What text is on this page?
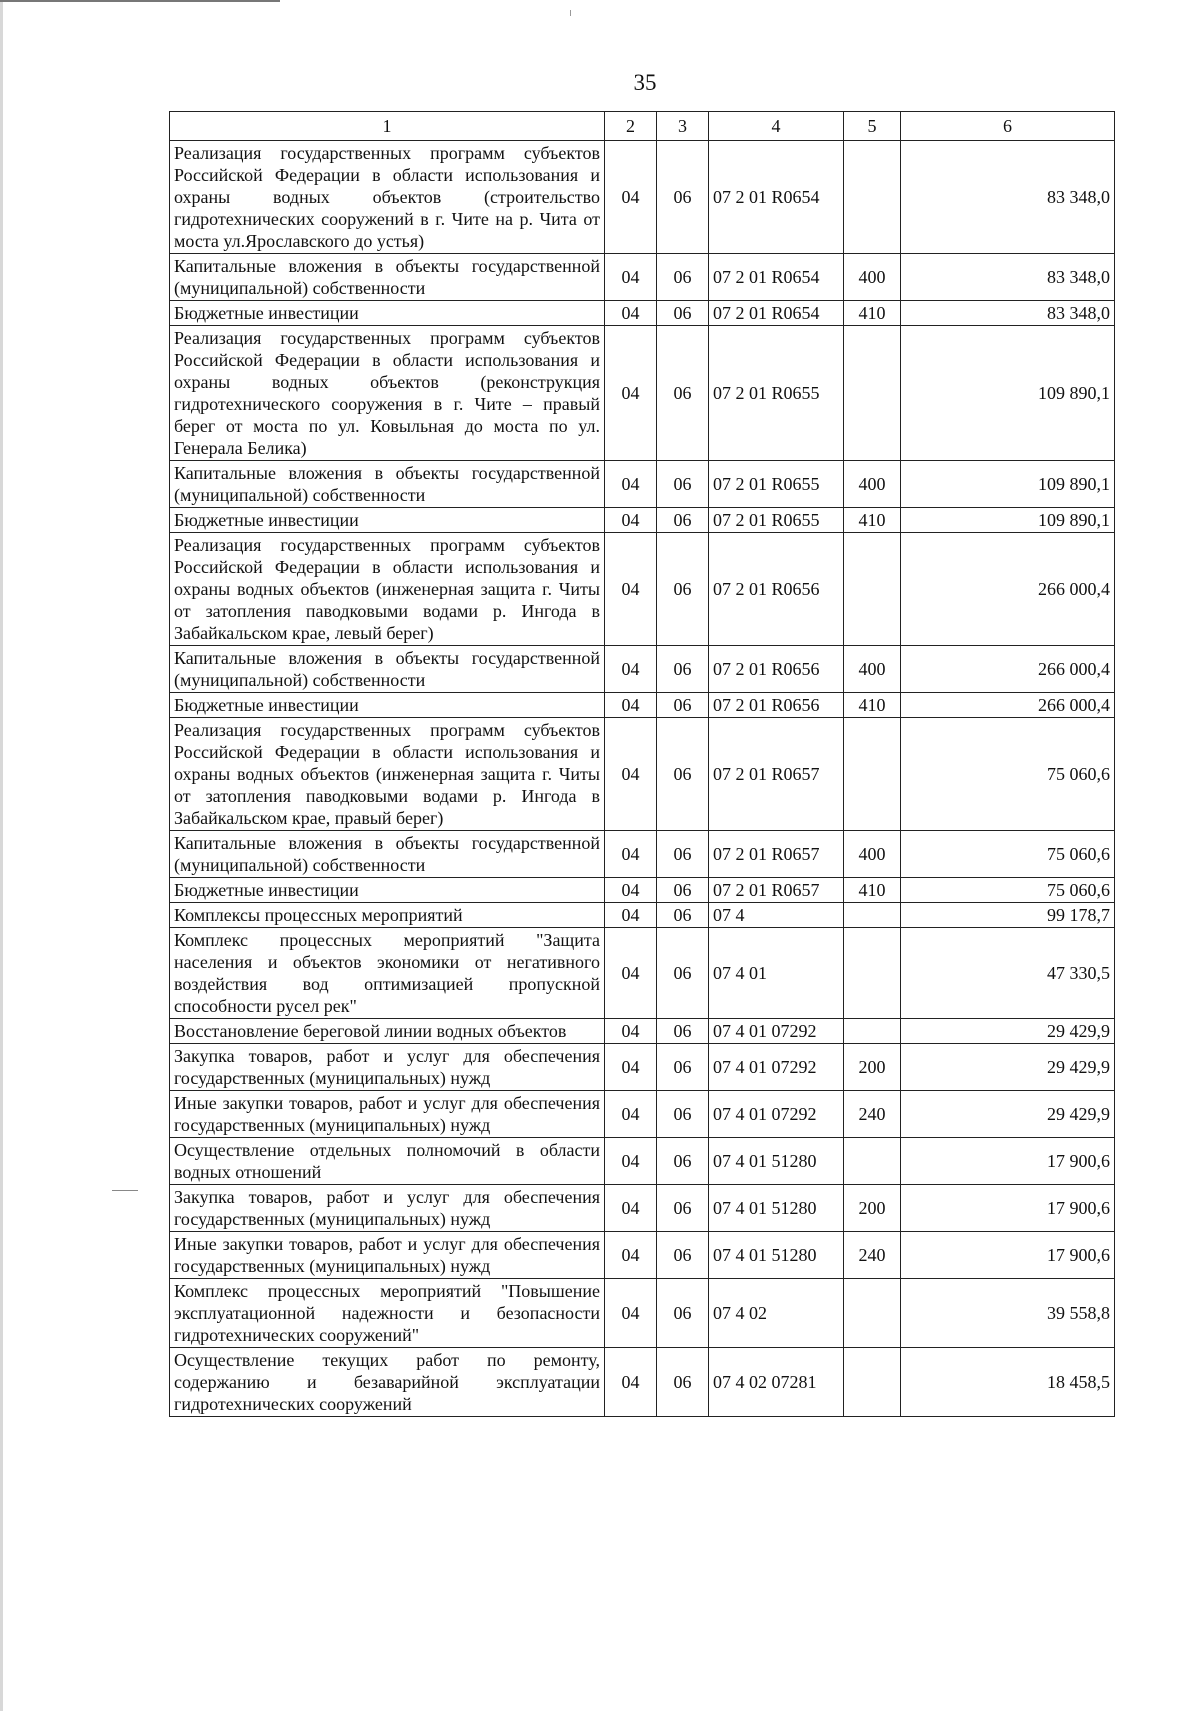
35
1	2	3	4	5	6
Реализация государственных программ субъектов Российской Федерации в области использования и охраны водных объектов (строительство гидротехнических сооружений в г. Чите на р. Чита от моста ул.Ярославского до устья)	04	06	07 2 01 R0654		83 348,0
Капитальные вложения в объекты государственной (муниципальной) собственности	04	06	07 2 01 R0654	400	83 348,0
Бюджетные инвестиции	04	06	07 2 01 R0654	410	83 348,0
Реализация государственных программ субъектов Российской Федерации в области использования и охраны водных объектов (реконструкция гидротехнического сооружения в г. Чите – правый берег от моста по ул. Ковыльная до моста по ул. Генерала Белика)	04	06	07 2 01 R0655		109 890,1
Капитальные вложения в объекты государственной (муниципальной) собственности	04	06	07 2 01 R0655	400	109 890,1
Бюджетные инвестиции	04	06	07 2 01 R0655	410	109 890,1
Реализация государственных программ субъектов Российской Федерации в области использования и охраны водных объектов (инженерная защита г. Читы от затопления паводковыми водами р. Ингода в Забайкальском крае, левый берег)	04	06	07 2 01 R0656		266 000,4
Капитальные вложения в объекты государственной (муниципальной) собственности	04	06	07 2 01 R0656	400	266 000,4
Бюджетные инвестиции	04	06	07 2 01 R0656	410	266 000,4
Реализация государственных программ субъектов Российской Федерации в области использования и охраны водных объектов (инженерная защита г. Читы от затопления паводковыми водами р. Ингода в Забайкальском крае, правый берег)	04	06	07 2 01 R0657		75 060,6
Капитальные вложения в объекты государственной (муниципальной) собственности	04	06	07 2 01 R0657	400	75 060,6
Бюджетные инвестиции	04	06	07 2 01 R0657	410	75 060,6
Комплексы процессных мероприятий	04	06	07 4		99 178,7
Комплекс процессных мероприятий "Защита населения и объектов экономики от негативного воздействия вод оптимизацией пропускной способности русел рек"	04	06	07 4 01		47 330,5
Восстановление береговой линии водных объектов	04	06	07 4 01 07292		29 429,9
Закупка товаров, работ и услуг для обеспечения государственных (муниципальных) нужд	04	06	07 4 01 07292	200	29 429,9
Иные закупки товаров, работ и услуг для обеспечения государственных (муниципальных) нужд	04	06	07 4 01 07292	240	29 429,9
Осуществление отдельных полномочий в области водных отношений	04	06	07 4 01 51280		17 900,6
Закупка товаров, работ и услуг для обеспечения государственных (муниципальных) нужд	04	06	07 4 01 51280	200	17 900,6
Иные закупки товаров, работ и услуг для обеспечения государственных (муниципальных) нужд	04	06	07 4 01 51280	240	17 900,6
Комплекс процессных мероприятий "Повышение эксплуатационной надежности и безопасности гидротехнических сооружений"	04	06	07 4 02		39 558,8
Осуществление текущих работ по ремонту, содержанию и безаварийной эксплуатации гидротехнических сооружений	04	06	07 4 02 07281		18 458,5
